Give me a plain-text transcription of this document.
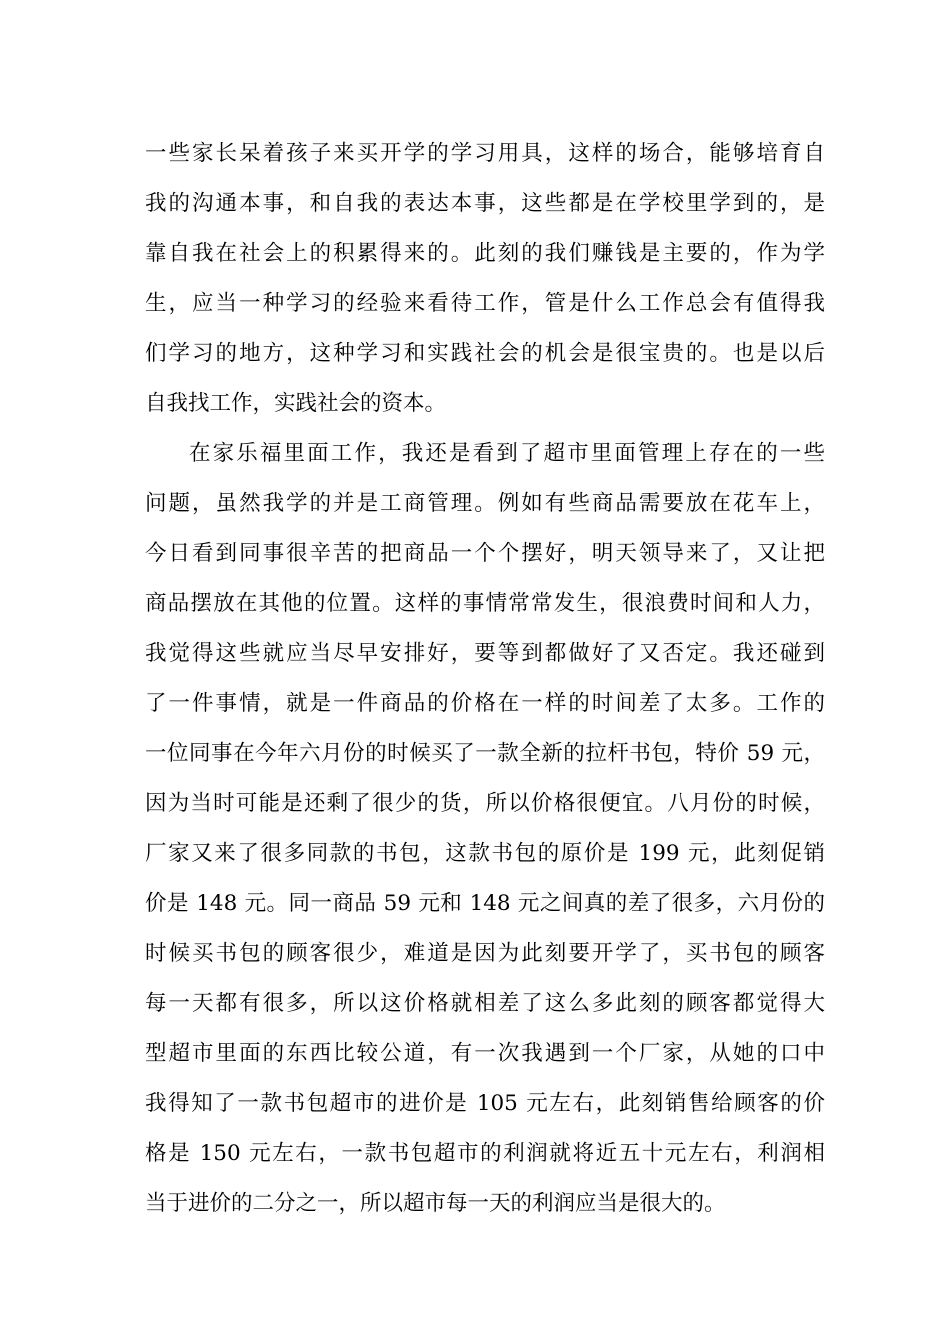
一些家长呆着孩子来买开学的学习用具，这样的场合，能够培育自
我的沟通本事，和自我的表达本事，这些都是在学校里学到的，是
靠自我在社会上的积累得来的。此刻的我们赚钱是主要的，作为学
生，应当一种学习的经验来看待工作，管是什么工作总会有值得我
们学习的地方，这种学习和实践社会的机会是很宝贵的。也是以后
自我找工作，实践社会的资本。
在家乐福里面工作，我还是看到了超市里面管理上存在的一些
问题，虽然我学的并是工商管理。例如有些商品需要放在花车上，
今日看到同事很辛苦的把商品一个个摆好，明天领导来了，又让把
商品摆放在其他的位置。这样的事情常常发生，很浪费时间和人力，
我觉得这些就应当尽早安排好，要等到都做好了又否定。我还碰到
了一件事情，就是一件商品的价格在一样的时间差了太多。工作的
一位同事在今年六月份的时候买了一款全新的拉杆书包，特价 59 元，
因为当时可能是还剩了很少的货，所以价格很便宜。八月份的时候，
厂家又来了很多同款的书包，这款书包的原价是 199 元，此刻促销
价是 148 元。同一商品 59 元和 148 元之间真的差了很多，六月份的
时候买书包的顾客很少，难道是因为此刻要开学了，买书包的顾客
每一天都有很多，所以这价格就相差了这么多此刻的顾客都觉得大
型超市里面的东西比较公道，有一次我遇到一个厂家，从她的口中
我得知了一款书包超市的进价是 105 元左右，此刻销售给顾客的价
格是 150 元左右，一款书包超市的利润就将近五十元左右，利润相
当于进价的二分之一，所以超市每一天的利润应当是很大的。
